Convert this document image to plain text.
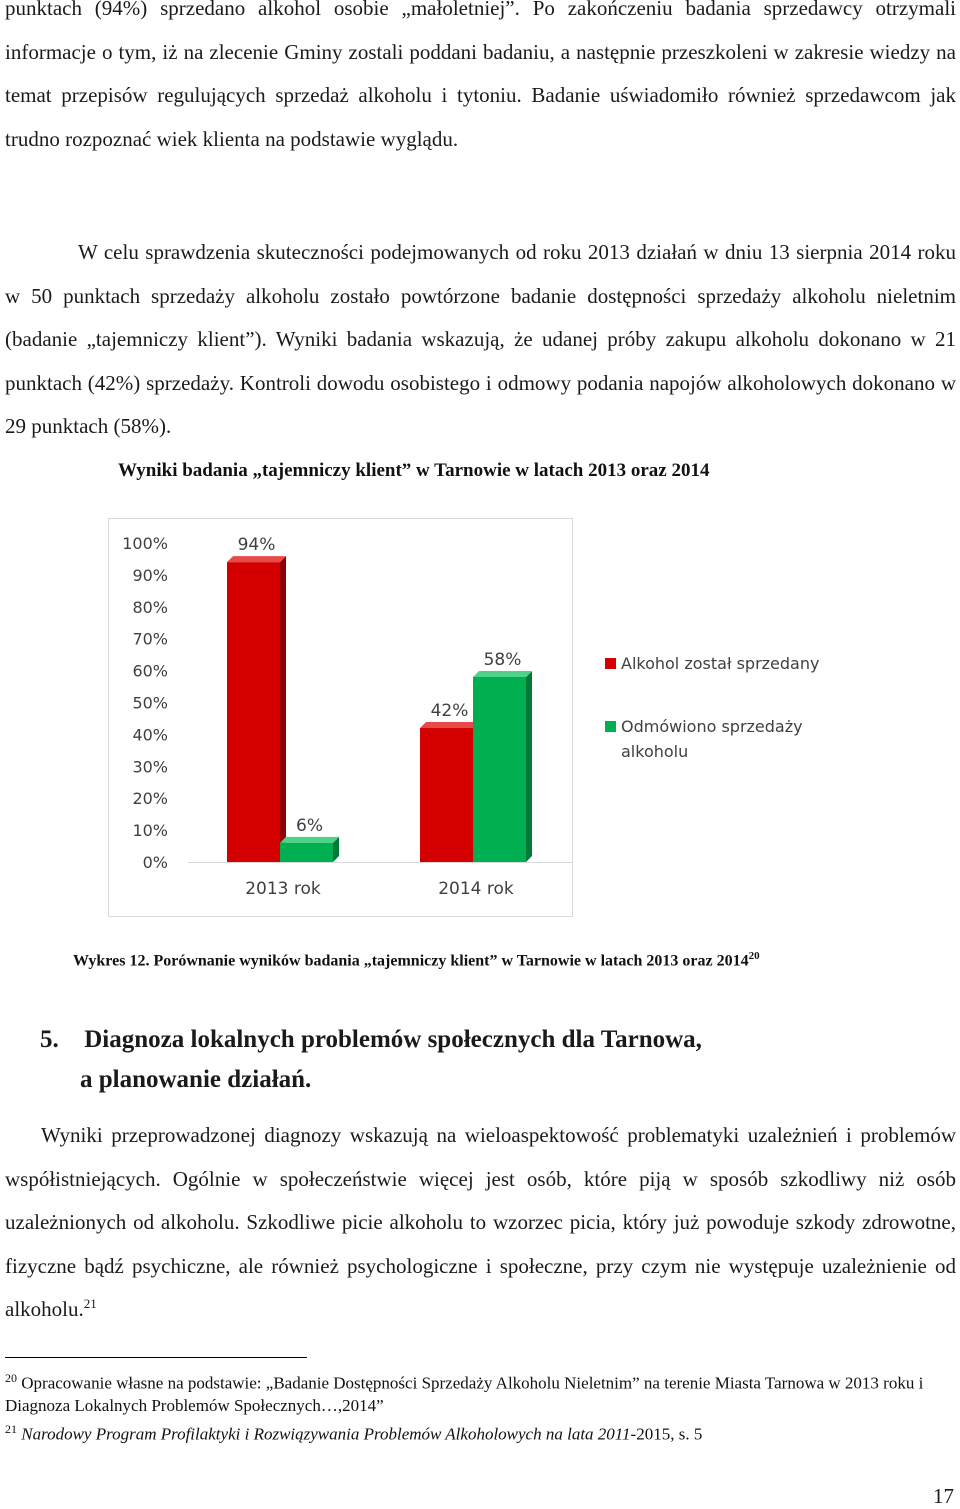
punktach (94%) sprzedano alkohol osobie „małoletniej”. Po zakończeniu badania sprzedawcy otrzymali informacje o tym, iż na zlecenie Gminy zostali poddani badaniu, a następnie przeszkoleni w zakresie wiedzy na temat przepisów regulujących sprzedaż alkoholu i tytoniu. Badanie uświadomiło również sprzedawcom jak trudno rozpoznać wiek klienta na podstawie wyglądu.

W celu sprawdzenia skuteczności podejmowanych od roku 2013 działań w dniu 13 sierpnia 2014 roku w 50 punktach sprzedaży alkoholu zostało powtórzone badanie dostępności sprzedaży alkoholu nieletnim (badanie „tajemniczy klient”). Wyniki badania wskazują, że udanej próby zakupu alkoholu dokonano w 21 punktach (42%) sprzedaży. Kontroli dowodu osobistego i odmowy podania napojów alkoholowych dokonano w 29 punktach (58%).

Wyniki badania „tajemniczy klient” w Tarnowie w latach 2013 oraz 2014
0%
10%
20%
30%
40%
50%
60%
70%
80%
90%
100%	94%
6%
2013 rok
42%
58%
2014 rok
Alkohol został sprzedany
Odmówiono sprzedaży
alkoholu
Wykres 12. Porównanie wyników badania „tajemniczy klient” w Tarnowie w latach 2013 oraz 2014$^{20}$
5. Diagnoza lokalnych problemów społecznych dla Tarnowa,
a planowanie działań.

Wyniki przeprowadzonej diagnozy wskazują na wieloaspektowość problematyki uzależnień i problemów współistniejących. Ogólnie w społeczeństwie więcej jest osób, które piją w sposób szkodliwy niż osób uzależnionych od alkoholu. Szkodliwe picie alkoholu to wzorzec picia, który już powoduje szkody zdrowotne, fizyczne bądź psychiczne, ale również psychologiczne i społeczne, przy czym nie występuje uzależnienie od alkoholu.$^{21}$

$^{20}$ Opracowanie własne na podstawie: „Badanie Dostępności Sprzedaży Alkoholu Nieletnim” na terenie Miasta Tarnowa w 2013 roku i Diagnoza Lokalnych Problemów Społecznych…,2014”
$^{21}$ Narodowy Program Profilaktyki i Rozwiązywania Problemów Alkoholowych na lata 2011-2015, s. 5
17
